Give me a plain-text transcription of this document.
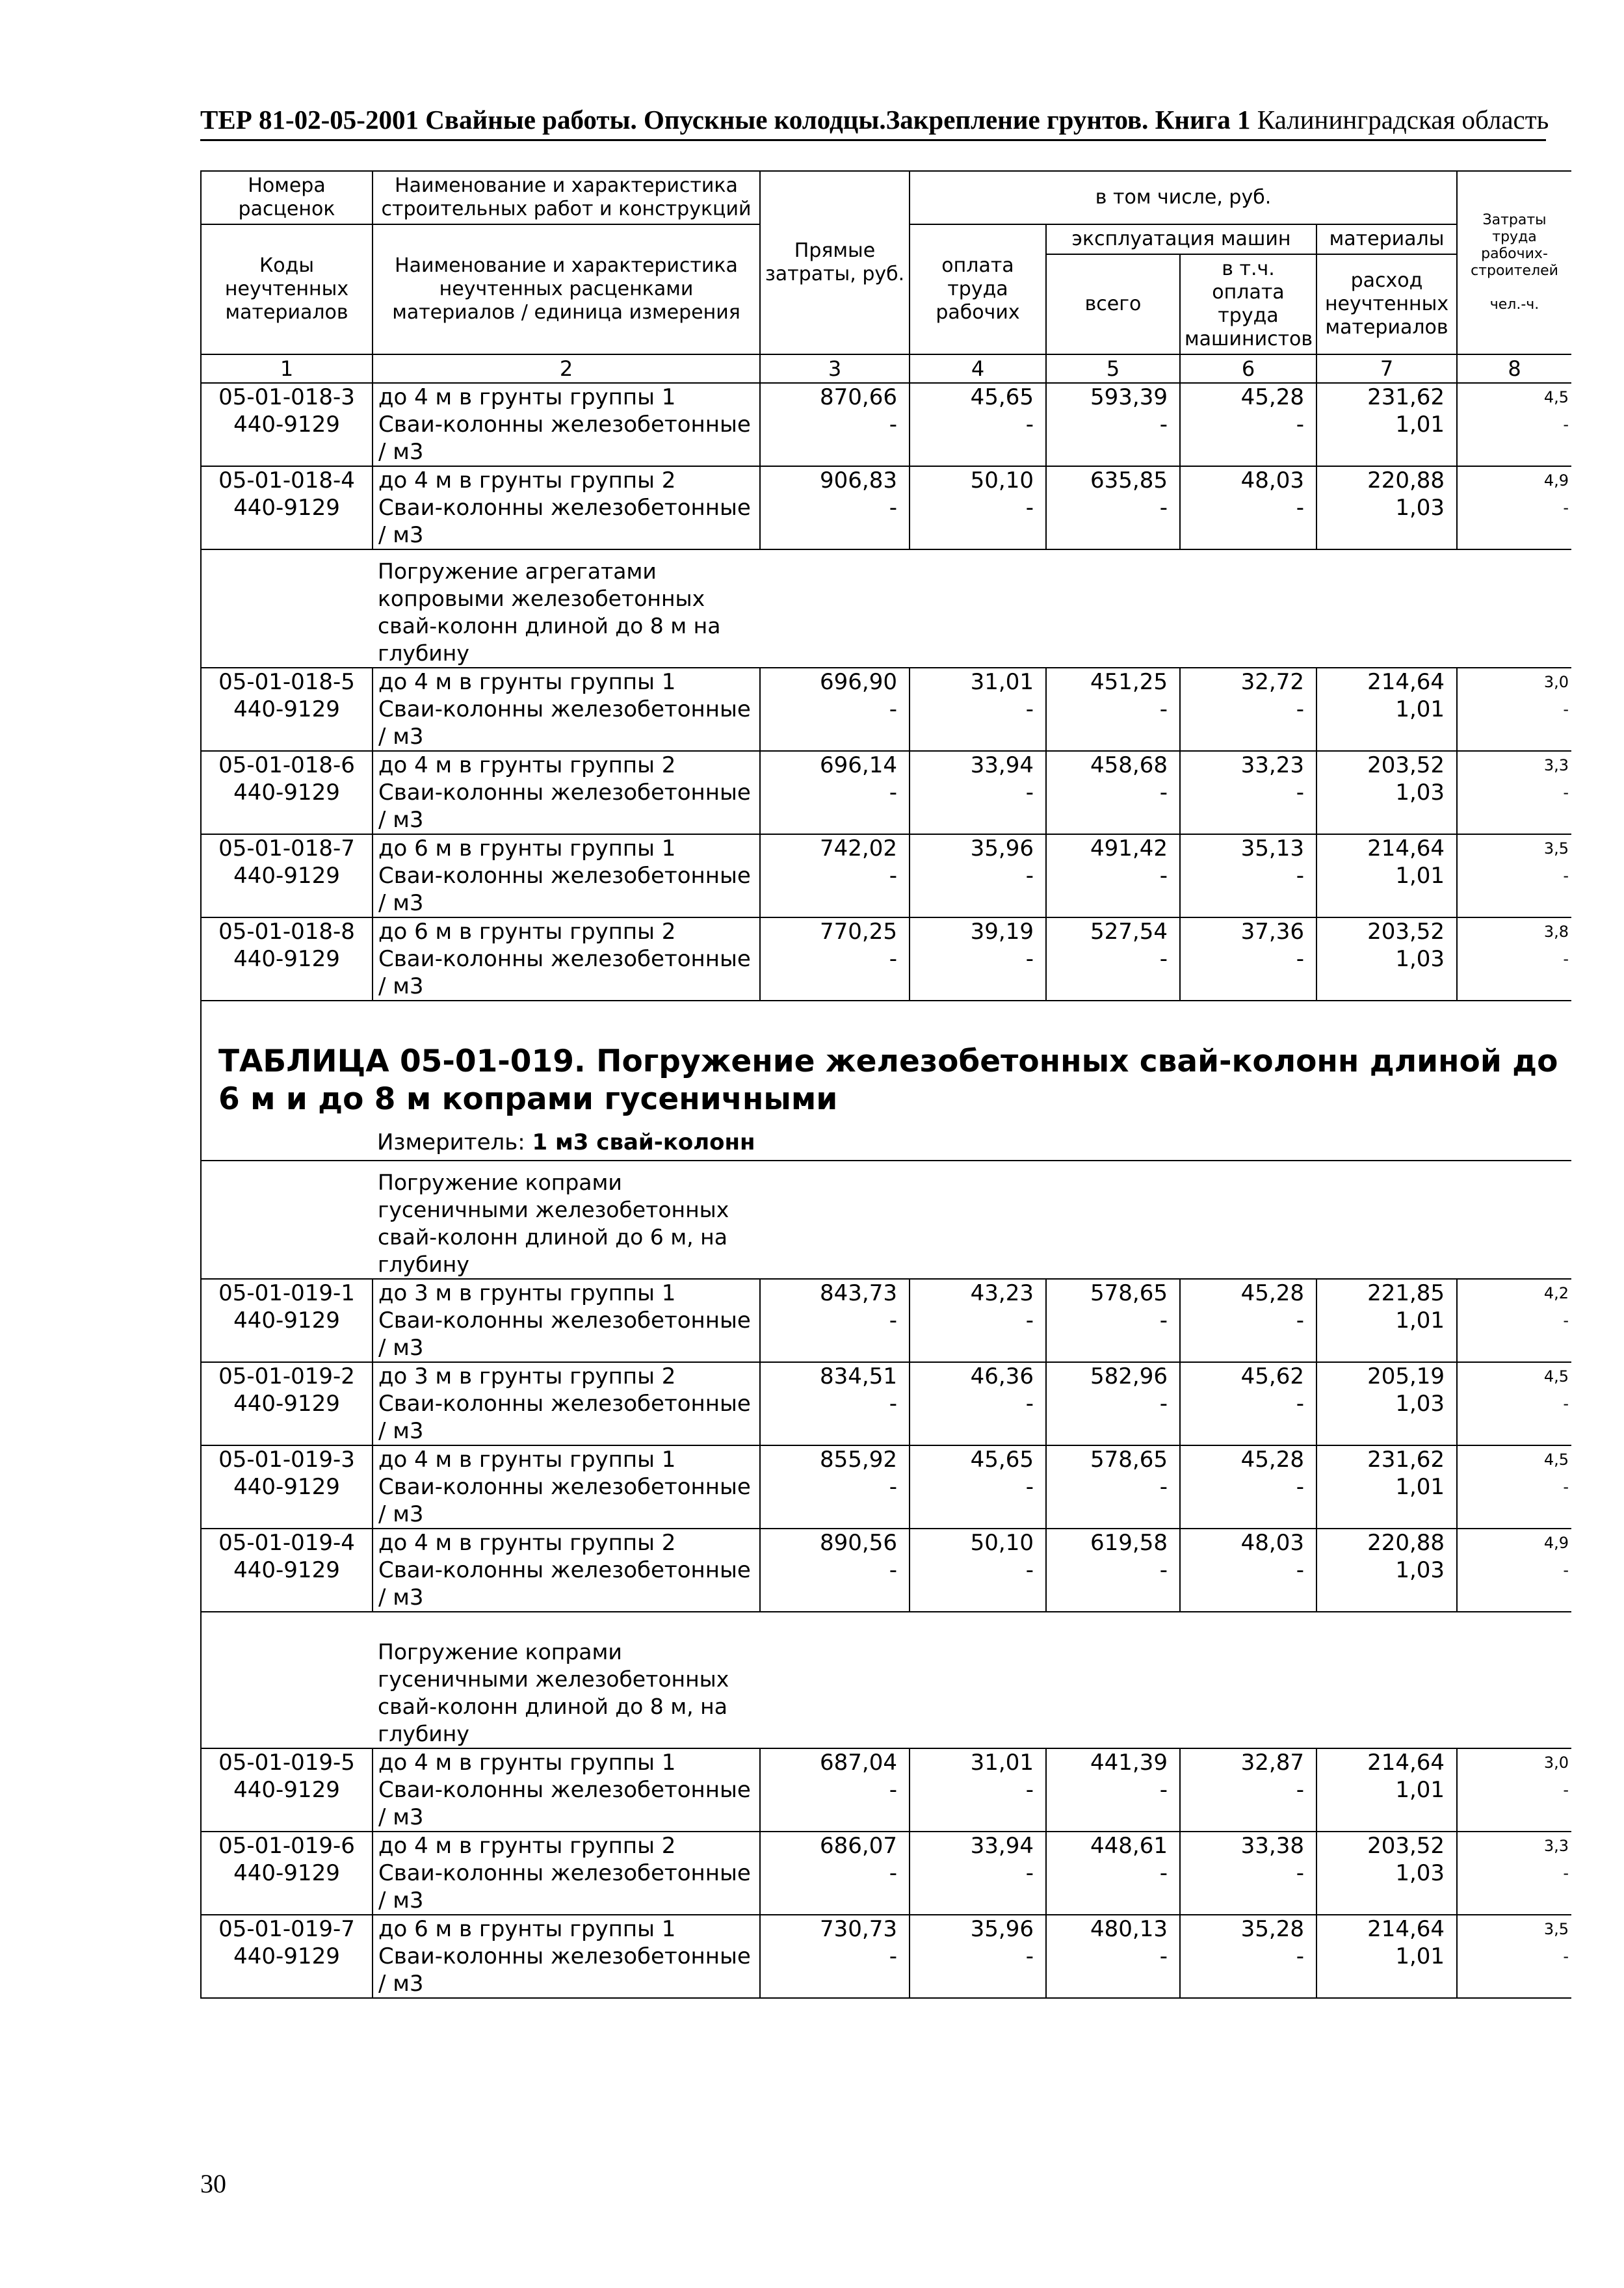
ТЕР 81-02-05-2001 Свайные работы. Опускные колодцы.Закрепление грунтов. Книга 1 Калининградская область
Номера расценок	Наименование и характеристика строительных работ и конструкций	Прямые затраты, руб.	в том числе, руб.				Затраты труда рабочих-строителей

чел.-ч.
Коды неучтенных материалов	Наименование и характеристика неучтенных расценками материалов / единица измерения		оплата труда рабочих	эксплуатация машин		материалы	
				всего	в т.ч. оплата труда машинистов	расход неучтенных материалов	
1	2	3	4	5	6	7	8
05-01-018-3	до 4 м в грунты группы 1	870,66	45,65	593,39	45,28	231,62	4,5
440-9129	Сваи-колонны железобетонные / м3	-	-	-	-	1,01	-
05-01-018-4	до 4 м в грунты группы 2	906,83	50,10	635,85	48,03	220,88	4,9
440-9129	Сваи-колонны железобетонные / м3	-	-	-	-	1,03	-
	Погружение агрегатами копровыми железобетонных свай-колонн длиной до 8 м на глубину						
05-01-018-5	до 4 м в грунты группы 1	696,90	31,01	451,25	32,72	214,64	3,0
440-9129	Сваи-колонны железобетонные / м3	-	-	-	-	1,01	-
05-01-018-6	до 4 м в грунты группы 2	696,14	33,94	458,68	33,23	203,52	3,3
440-9129	Сваи-колонны железобетонные / м3	-	-	-	-	1,03	-
05-01-018-7	до 6 м в грунты группы 1	742,02	35,96	491,42	35,13	214,64	3,5
440-9129	Сваи-колонны железобетонные / м3	-	-	-	-	1,01	-
05-01-018-8	до 6 м в грунты группы 2	770,25	39,19	527,54	37,36	203,52	3,8
440-9129	Сваи-колонны железобетонные / м3	-	-	-	-	1,03	-

ТАБЛИЦА 05-01-019. Погружение железобетонных свай-колонн длиной до 6 м и до 8 м копрами гусеничными							
Измеритель: 1 м3 свай-колонн							
	Погружение копрами гусеничными железобетонных свай-колонн длиной до 6 м, на глубину						
05-01-019-1	до 3 м в грунты группы 1	843,73	43,23	578,65	45,28	221,85	4,2
440-9129	Сваи-колонны железобетонные / м3	-	-	-	-	1,01	-
05-01-019-2	до 3 м в грунты группы 2	834,51	46,36	582,96	45,62	205,19	4,5
440-9129	Сваи-колонны железобетонные / м3	-	-	-	-	1,03	-
05-01-019-3	до 4 м в грунты группы 1	855,92	45,65	578,65	45,28	231,62	4,5
440-9129	Сваи-колонны железобетонные / м3	-	-	-	-	1,01	-
05-01-019-4	до 4 м в грунты группы 2	890,56	50,10	619,58	48,03	220,88	4,9
440-9129	Сваи-колонны железобетонные / м3	-	-	-	-	1,03	-
	Погружение копрами гусеничными железобетонных свай-колонн длиной до 8 м, на глубину						
05-01-019-5	до 4 м в грунты группы 1	687,04	31,01	441,39	32,87	214,64	3,0
440-9129	Сваи-колонны железобетонные / м3	-	-	-	-	1,01	-
05-01-019-6	до 4 м в грунты группы 2	686,07	33,94	448,61	33,38	203,52	3,3
440-9129	Сваи-колонны железобетонные / м3	-	-	-	-	1,03	-
05-01-019-7	до 6 м в грунты группы 1	730,73	35,96	480,13	35,28	214,64	3,5
440-9129	Сваи-колонны железобетонные / м3	-	-	-	-	1,01	-
30
